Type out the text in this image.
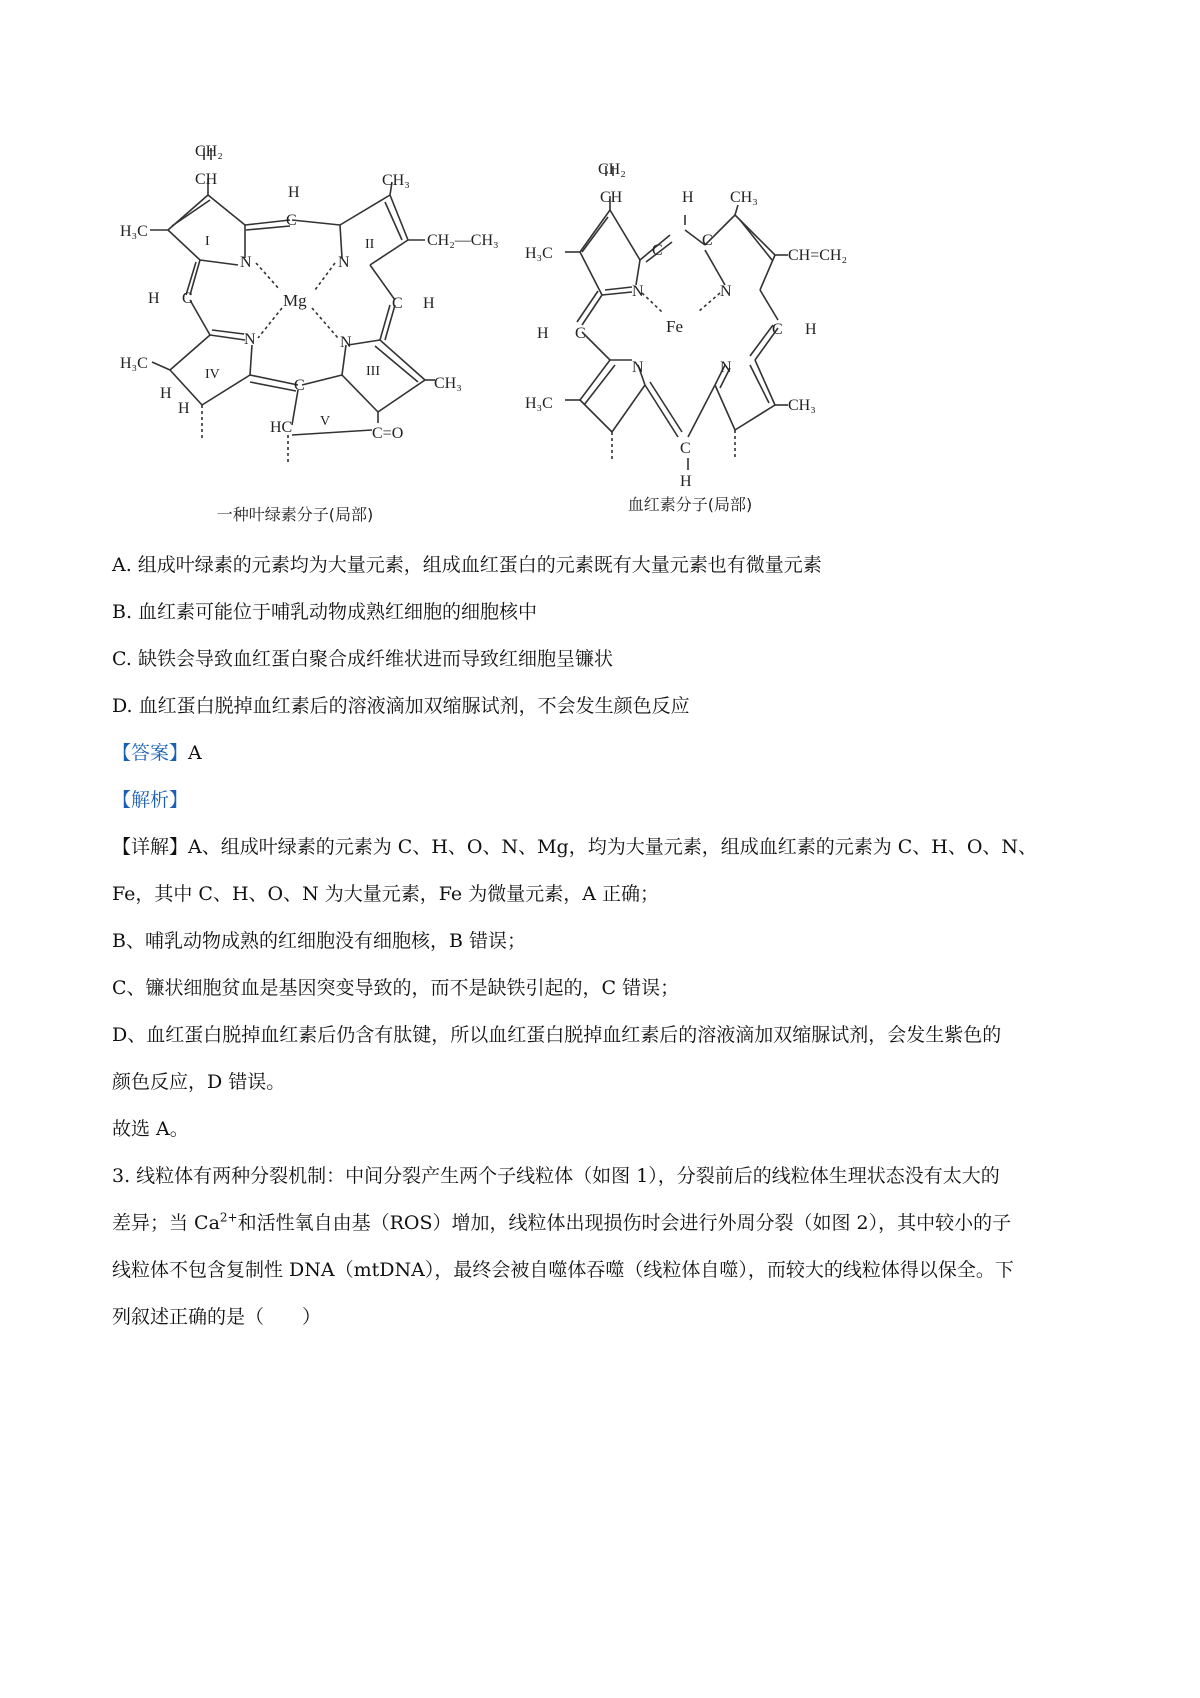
CH₂
CH
H₃C
CH₃
CH₂—CH₃
H
C
H C	C H
H₃C
H
H
CH₃
HC	C=O
C
N	N
N	N
Mg
I	II
III
IV
V
一种叶绿素分子(局部)
CH₂
CH	H
C
C
CH₃
CH=CH₂
H₃C
C
H	C H
H₃C	CH₃
C
H
N	N
N	N
Fe
血红素分子(局部)

A. 组成叶绿素的元素均为大量元素，组成血红蛋白的元素既有大量元素也有微量元素

B. 血红素可能位于哺乳动物成熟红细胞的细胞核中

C. 缺铁会导致血红蛋白聚合成纤维状进而导致红细胞呈镰状

D. 血红蛋白脱掉血红素后的溶液滴加双缩脲试剂，不会发生颜色反应

【答案】A

【解析】

【详解】A、组成叶绿素的元素为 C、H、O、N、Mg，均为大量元素，组成血红素的元素为 C、H、O、N、

Fe，其中 C、H、O、N 为大量元素，Fe 为微量元素，A 正确；

B、哺乳动物成熟的红细胞没有细胞核，B 错误；

C、镰状细胞贫血是基因突变导致的，而不是缺铁引起的，C 错误；

D、血红蛋白脱掉血红素后仍含有肽键，所以血红蛋白脱掉血红素后的溶液滴加双缩脲试剂，会发生紫色的

颜色反应，D 错误。

故选 A。

3. 线粒体有两种分裂机制：中间分裂产生两个子线粒体（如图 1），分裂前后的线粒体生理状态没有太大的

差异；当 $Ca^{2+}$和活性氧自由基（ROS）增加，线粒体出现损伤时会进行外周分裂（如图 2），其中较小的子

线粒体不包含复制性 DNA（mtDNA），最终会被自噬体吞噬（线粒体自噬），而较大的线粒体得以保全。下

列叙述正确的是（　　）
